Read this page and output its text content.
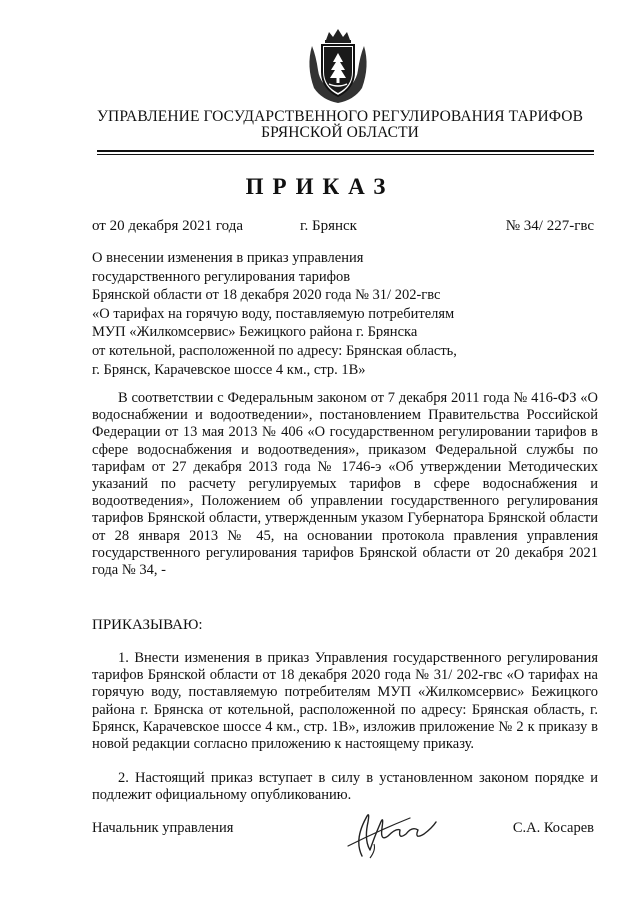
УПРАВЛЕНИЕ ГОСУДАРСТВЕННОГО РЕГУЛИРОВАНИЯ ТАРИФОВ
БРЯНСКОЙ ОБЛАСТИ
ПРИКАЗ
от 20 декабря 2021 года	г. Брянск	№ 34/ 227-гвс
О внесении изменения в приказ управления
государственного регулирования тарифов
Брянской области от 18 декабря 2020 года № 31/ 202-гвс
«О тарифах на горячую воду, поставляемую потребителям
МУП «Жилкомсервис» Бежицкого района г. Брянска
от котельной, расположенной по адресу: Брянская область,
г. Брянск, Карачевское шоссе 4 км., стр. 1В»
В соответствии с Федеральным законом от 7 декабря 2011 года № 416-ФЗ «О водоснабжении и водоотведении», постановлением Правительства Российской Федерации от 13 мая 2013 № 406 «О государственном регулировании тарифов в сфере водоснабжения и водоотведения», приказом Федеральной службы по тарифам от 27 декабря 2013 года № 1746-э «Об утверждении Методических указаний по расчету регулируемых тарифов в сфере водоснабжения и водоотведения», Положением об управлении государственного регулирования тарифов Брянской области, утвержденным указом Губернатора Брянской области от 28 января 2013 № 45, на основании протокола правления управления государственного регулирования тарифов Брянской области от 20 декабря 2021 года № 34, -
ПРИКАЗЫВАЮ:
1. Внести изменения в приказ Управления государственного регулирования тарифов Брянской области от 18 декабря 2020 года № 31/ 202-гвс «О тарифах на горячую воду, поставляемую потребителям МУП «Жилкомсервис» Бежицкого района г. Брянска от котельной, расположенной по адресу: Брянская область, г. Брянск, Карачевское шоссе 4 км., стр. 1В», изложив приложение № 2 к приказу в новой редакции согласно приложению к настоящему приказу.
2. Настоящий приказ вступает в силу в установленном законом порядке и подлежит официальному опубликованию.
Начальник управления	С.А. Косарев
